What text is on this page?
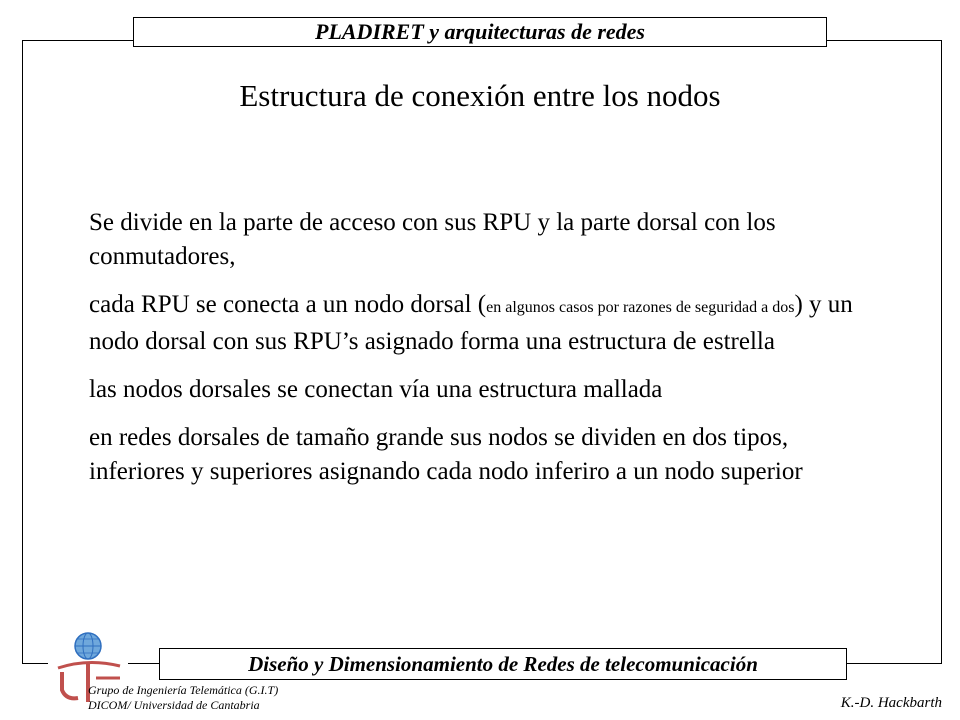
PLADIRET y arquitecturas de redes
Estructura de conexión entre los nodos

Se divide en la parte de acceso con sus RPU y la parte dorsal con los conmutadores,

cada RPU se conecta a un nodo dorsal (en algunos casos por razones de seguridad a dos) y un nodo dorsal con sus RPU’s asignado forma una estructura de estrella

las nodos dorsales se conectan vía una estructura mallada

en redes dorsales de tamaño grande sus nodos se dividen en dos tipos, inferiores y superiores asignando cada nodo inferiro a un nodo superior

Diseño y Dimensionamiento de Redes de telecomunicación
Grupo de Ingeniería Telemática (G.I.T)
DICOM/ Universidad de Cantabria	K.-D. Hackbarth
